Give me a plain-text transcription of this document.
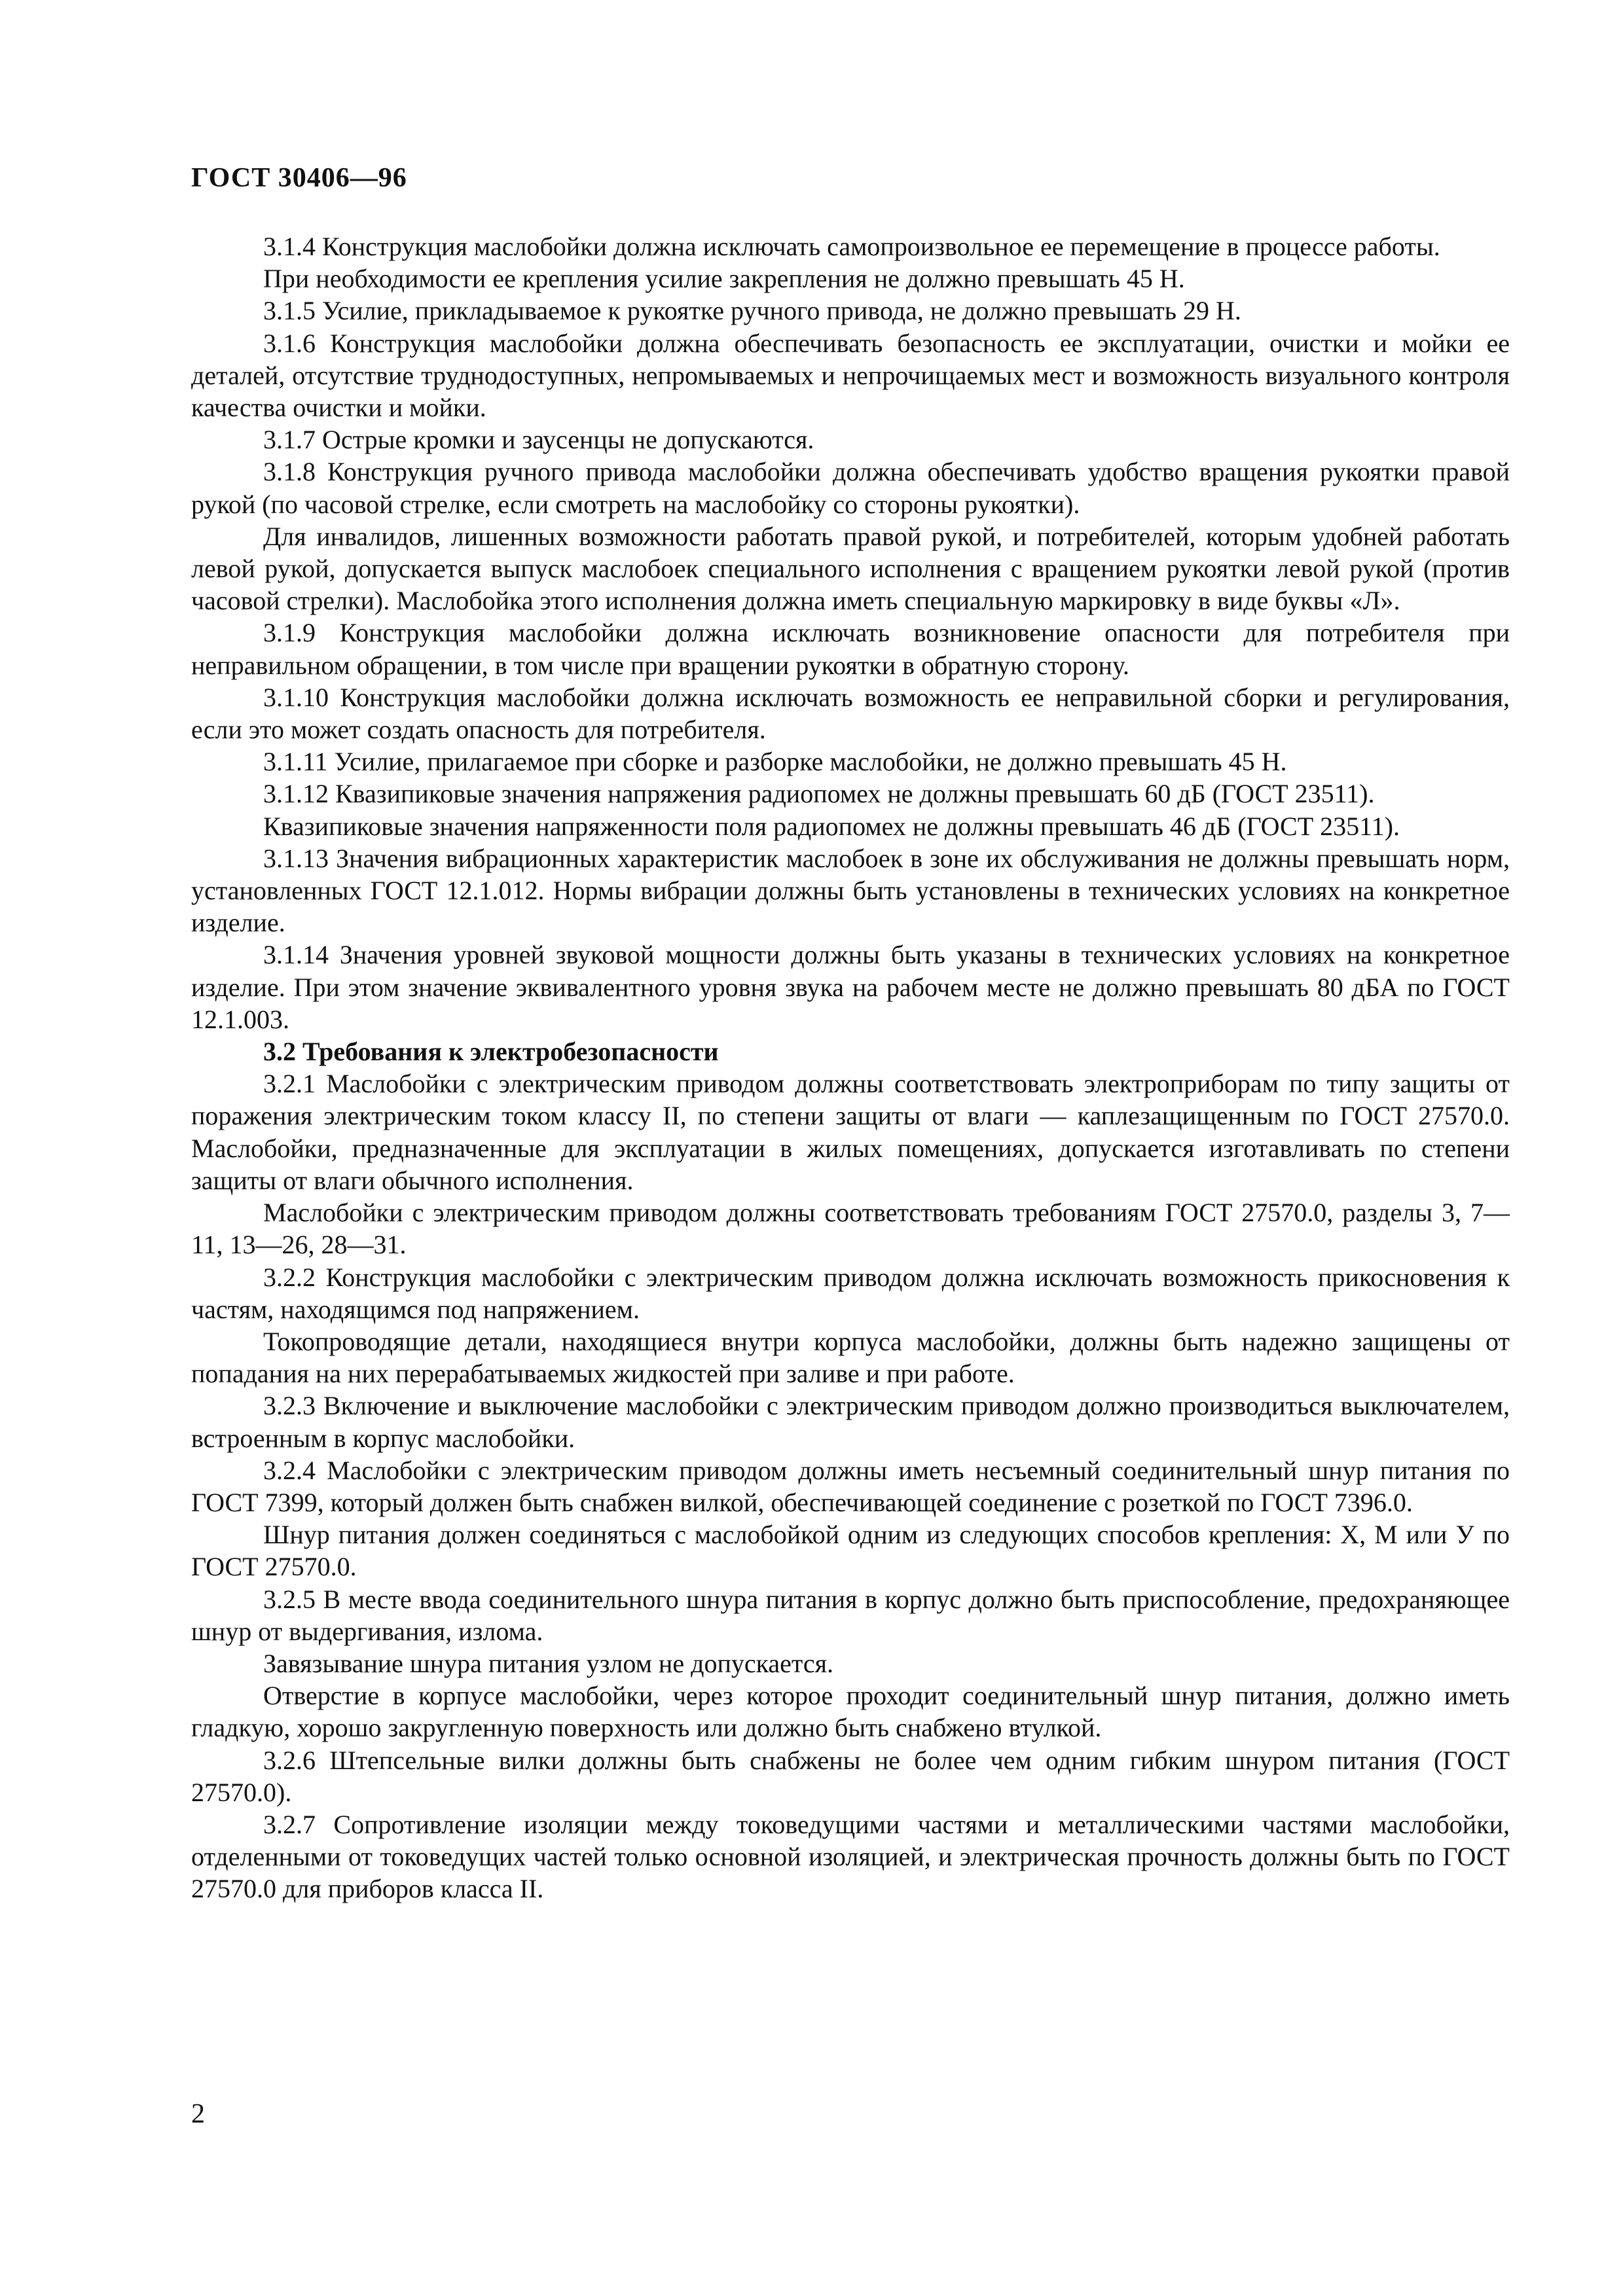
ГОСТ 30406—96

3.1.4 Конструкция маслобойки должна исключать самопроизвольное ее перемещение в процессе работы.

При необходимости ее крепления усилие закрепления не должно превышать 45 Н.

3.1.5 Усилие, прикладываемое к рукоятке ручного привода, не должно превышать 29 Н.

3.1.6 Конструкция маслобойки должна обеспечивать безопасность ее эксплуатации, очистки и мойки ее деталей, отсутствие труднодоступных, непромываемых и непрочищаемых мест и возможность визуального контроля качества очистки и мойки.

3.1.7 Острые кромки и заусенцы не допускаются.

3.1.8 Конструкция ручного привода маслобойки должна обеспечивать удобство вращения рукоятки правой рукой (по часовой стрелке, если смотреть на маслобойку со стороны рукоятки).

Для инвалидов, лишенных возможности работать правой рукой, и потребителей, которым удобней работать левой рукой, допускается выпуск маслобоек специального исполнения с вращением рукоятки левой рукой (против часовой стрелки). Маслобойка этого исполнения должна иметь специальную маркировку в виде буквы «Л».

3.1.9 Конструкция маслобойки должна исключать возникновение опасности для потребителя при неправильном обращении, в том числе при вращении рукоятки в обратную сторону.

3.1.10 Конструкция маслобойки должна исключать возможность ее неправильной сборки и регулирования, если это может создать опасность для потребителя.

3.1.11 Усилие, прилагаемое при сборке и разборке маслобойки, не должно превышать 45 Н.

3.1.12 Квазипиковые значения напряжения радиопомех не должны превышать 60 дБ (ГОСТ 23511).

Квазипиковые значения напряженности поля радиопомех не должны превышать 46 дБ (ГОСТ 23511).

3.1.13 Значения вибрационных характеристик маслобоек в зоне их обслуживания не должны превышать норм, установленных ГОСТ 12.1.012. Нормы вибрации должны быть установлены в технических условиях на конкретное изделие.

3.1.14 Значения уровней звуковой мощности должны быть указаны в технических условиях на конкретное изделие. При этом значение эквивалентного уровня звука на рабочем месте не должно превышать 80 дБА по ГОСТ 12.1.003.

3.2 Требования к электробезопасности

3.2.1 Маслобойки с электрическим приводом должны соответствовать электроприборам по типу защиты от поражения электрическим током классу II, по степени защиты от влаги — каплезащищенным по ГОСТ 27570.0. Маслобойки, предназначенные для эксплуатации в жилых помещениях, допускается изготавливать по степени защиты от влаги обычного исполнения.

Маслобойки с электрическим приводом должны соответствовать требованиям ГОСТ 27570.0, разделы 3, 7—11, 13—26, 28—31.

3.2.2 Конструкция маслобойки с электрическим приводом должна исключать возможность прикосновения к частям, находящимся под напряжением.

Токопроводящие детали, находящиеся внутри корпуса маслобойки, должны быть надежно защищены от попадания на них перерабатываемых жидкостей при заливе и при работе.

3.2.3 Включение и выключение маслобойки с электрическим приводом должно производиться выключателем, встроенным в корпус маслобойки.

3.2.4 Маслобойки с электрическим приводом должны иметь несъемный соединительный шнур питания по ГОСТ 7399, который должен быть снабжен вилкой, обеспечивающей соединение с розеткой по ГОСТ 7396.0.

Шнур питания должен соединяться с маслобойкой одним из следующих способов крепления: X, М или У по ГОСТ 27570.0.

3.2.5 В месте ввода соединительного шнура питания в корпус должно быть приспособление, предохраняющее шнур от выдергивания, излома.

Завязывание шнура питания узлом не допускается.

Отверстие в корпусе маслобойки, через которое проходит соединительный шнур питания, должно иметь гладкую, хорошо закругленную поверхность или должно быть снабжено втулкой.

3.2.6 Штепсельные вилки должны быть снабжены не более чем одним гибким шнуром питания (ГОСТ 27570.0).

3.2.7 Сопротивление изоляции между токоведущими частями и металлическими частями маслобойки, отделенными от токоведущих частей только основной изоляцией, и электрическая прочность должны быть по ГОСТ 27570.0 для приборов класса II.

2
